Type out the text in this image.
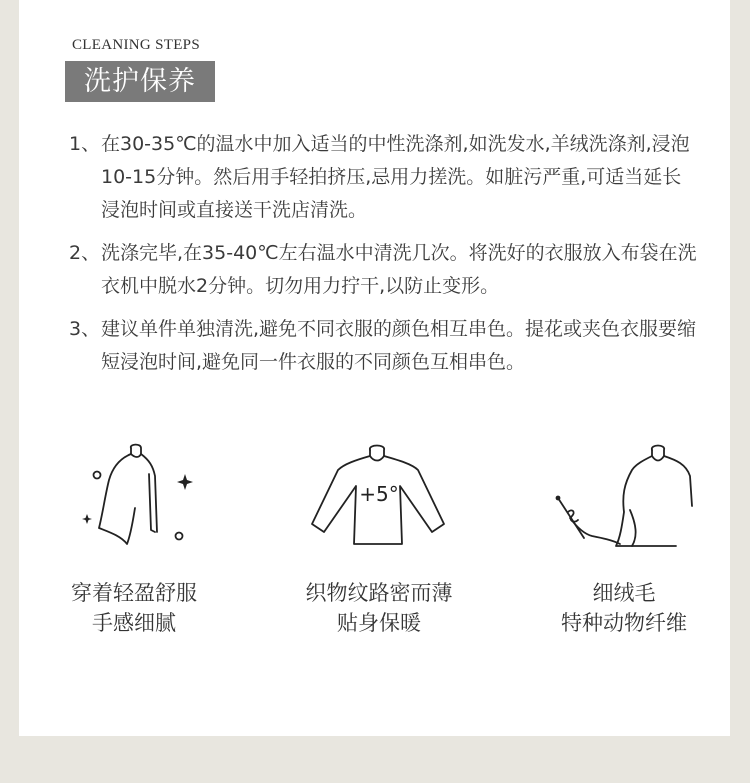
CLEANING STEPS
洗护保养
1、 在30-35℃的温水中加入适当的中性洗涤剂,如洗发水,羊绒洗涤剂,浸泡10-15分钟。然后用手轻拍挤压,忌用力搓洗。如脏污严重,可适当延长浸泡时间或直接送干洗店清洗。
2、 洗涤完毕,在35-40℃左右温水中清洗几次。将洗好的衣服放入布袋在洗衣机中脱水2分钟。切勿用力拧干,以防止变形。
3、 建议单件单独清洗,避免不同衣服的颜色相互串色。提花或夹色衣服要缩短浸泡时间,避免同一件衣服的不同颜色互相串色。
穿着轻盈舒服
手感细腻
+5°
织物纹路密而薄
贴身保暖
细绒毛
特种动物纤维
